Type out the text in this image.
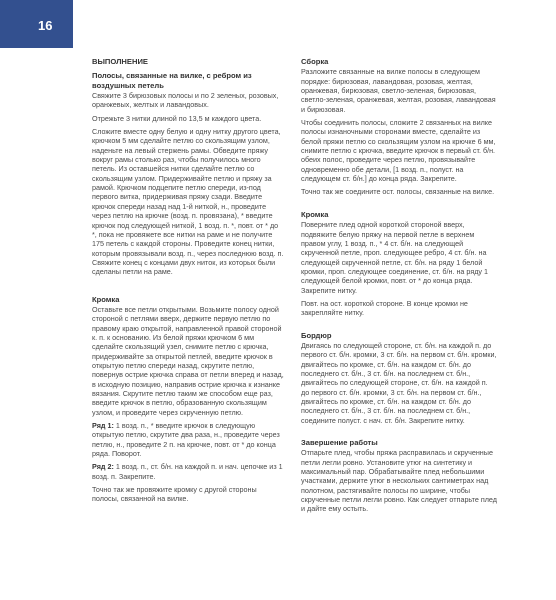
16
ВЫПОЛНЕНИЕ
Полосы, связанные на вилке, с ребром из воздушных петель
Свяжите 3 бирюзовых полосы и по 2 зеленых, розовых, оранжевых, желтых и лавандовых.
Отрежьте 3 нитки длиной по 13,5 м каждого цвета.
Сложите вместе одну белую и одну нитку другого цвета, крючком 5 мм сделайте петлю со скользящим узлом, наденьте на левый стержень рамы. Обведите пряжу вокруг рамы столько раз, чтобы получилось много петель. Из оставшейся нитки сделайте петлю со скользящим узлом. Придерживайте петлю и пряжу за рамой. Крючком подцепите петлю спереди, из-под первого витка, придерживая пряжу сзади. Введите крючок спереди назад над 1-й ниткой, н., проведите через петлю на крючке (возд. п. провязана), * введите крючок под следующей ниткой, 1 возд. п. *, повт. от * до *, пока не провяжете все нитки на раме и не получите 175 петель с каждой стороны. Проведите конец нитки, которым провязывали возд. п., через последнюю возд. п. Свяжите конец с концами двух ниток, из которых были сделаны петли на раме.
Кромка
Оставьте все петли открытыми. Возьмите полосу одной стороной с петлями вверх, держите первую петлю по правому краю открытой, направленной правой стороной к. п. к основанию. Из белой пряжи крючком 6 мм сделайте скользящий узел, снимите петлю с крючка, придерживайте за открытой петлей, введите крючок в открытую петлю спереди назад, скрутите петлю, повернув острие крючка справа от петли вперед и назад, в исходную позицию, направив острие крючка к изнанке вязания. Скрутите петлю таким же способом еще раз, введите крючок в петлю, образованную скользящим узлом, и проведите через скрученную петлю.
Ряд 1: 1 возд. п., * введите крючок в следующую открытую петлю, скрутите два раза, н., проведите через петлю, н., проведите 2 п. на крючке, повт. от * до конца ряда. Поворот.
Ряд 2: 1 возд. п., ст. б/н. на каждой п. и нач. цепочке из 1 возд. п. Закрепите.
Точно так же провяжите кромку с другой стороны полосы, связанной на вилке.
Сборка
Разложите связанные на вилке полосы в следующем порядке: бирюзовая, лавандовая, розовая, желтая, оранжевая, бирюзовая, светло-зеленая, бирюзовая, светло-зеленая, оранжевая, желтая, розовая, лавандовая и бирюзовая.
Чтобы соединить полосы, сложите 2 связанных на вилке полосы изнаночными сторонами вместе, сделайте из белой пряжи петлю со скользящим узлом на крючке 6 мм, снимите петлю с крючка, введите крючок в первый ст. б/н. обеих полос, проведите через петлю, провязывайте одновременно обе детали, [1 возд. п., полуст. на следующем ст. б/н.] до конца ряда. Закрепите.
Точно так же соедините ост. полосы, связанные на вилке.
Кромка
Поверните плед одной короткой стороной вверх, подвяжите белую пряжу на первой петле в верхнем правом углу, 1 возд. п., * 4 ст. б/н. на следующей скрученной петле, проп. следующее ребро, 4 ст. б/н. на следующей скрученной петле, ст. б/н. на ряду 1 белой кромки, проп. следующее соединение, ст. б/н. на ряду 1 следующей белой кромки, повт. от * до конца ряда. Закрепите нитку.
Повт. на ост. короткой стороне. В конце кромки не закрепляйте нитку.
Бордюр
Двигаясь по следующей стороне, ст. б/н. на каждой п. до первого ст. б/н. кромки, 3 ст. б/н. на первом ст. б/н. кромки, двигайтесь по кромке, ст. б/н. на каждом ст. б/н. до последнего ст. б/н., 3 ст. б/н. на последнем ст. б/н., двигайтесь по следующей стороне, ст. б/н. на каждой п. до первого ст. б/н. кромки, 3 ст. б/н. на первом ст. б/н., двигайтесь по кромке, ст. б/н. на каждом ст. б/н. до последнего ст. б/н., 3 ст. б/н. на последнем ст. б/н., соедините полуст. с нач. ст. б/н. Закрепите нитку.
Завершение работы
Отпарьте плед, чтобы пряжа расправилась и скрученные петли легли ровно. Установите утюг на синтетику и максимальный пар. Обрабатывайте плед небольшими участками, держите утюг в нескольких сантиметрах над полотном, растягивайте полосы по ширине, чтобы скрученные петли легли ровно. Как следует отпарьте плед и дайте ему остыть.
